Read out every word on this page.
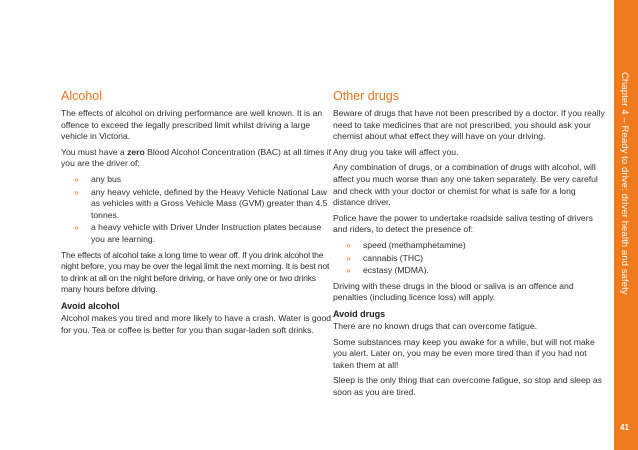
Alcohol

The effects of alcohol on driving performance are well known. It is an offence to exceed the legally prescribed limit whilst driving a large vehicle in Victoria.

You must have a zero Blood Alcohol Concentration (BAC) at all times if you are the driver of:

» any bus
» any heavy vehicle, defined by the Heavy Vehicle National Law as vehicles with a Gross Vehicle Mass (GVM) greater than 4.5 tonnes.
» a heavy vehicle with Driver Under Instruction plates because you are learning.

The effects of alcohol take a long time to wear off. If you drink alcohol the night before, you may be over the legal limit the next morning. It is best not to drink at all on the night before driving, or have only one or two drinks many hours before driving.

Avoid alcohol

Alcohol makes you tired and more likely to have a crash. Water is good for you. Tea or coffee is better for you than sugar-laden soft drinks.

Other drugs

Beware of drugs that have not been prescribed by a doctor. If you really need to take medicines that are not prescribed, you should ask your chemist about what effect they will have on your driving.

Any drug you take will affect you.

Any combination of drugs, or a combination of drugs with alcohol, will affect you much worse than any one taken separately. Be very careful and check with your doctor or chemist for what is safe for a long distance driver.

Police have the power to undertake roadside saliva testing of drivers and riders, to detect the presence of:

» speed (methamphetamine)
» cannabis (THC)
» ecstasy (MDMA).

Driving with these drugs in the blood or saliva is an offence and penalties (including licence loss) will apply.

Avoid drugs

There are no known drugs that can overcome fatigue.

Some substances may keep you awake for a while, but will not make you alert. Later on, you may be even more tired than if you had not taken them at all!

Sleep is the only thing that can overcome fatigue, so stop and sleep as soon as you are tired.

Chapter 4 – Ready to drive: driver health and safety
41
